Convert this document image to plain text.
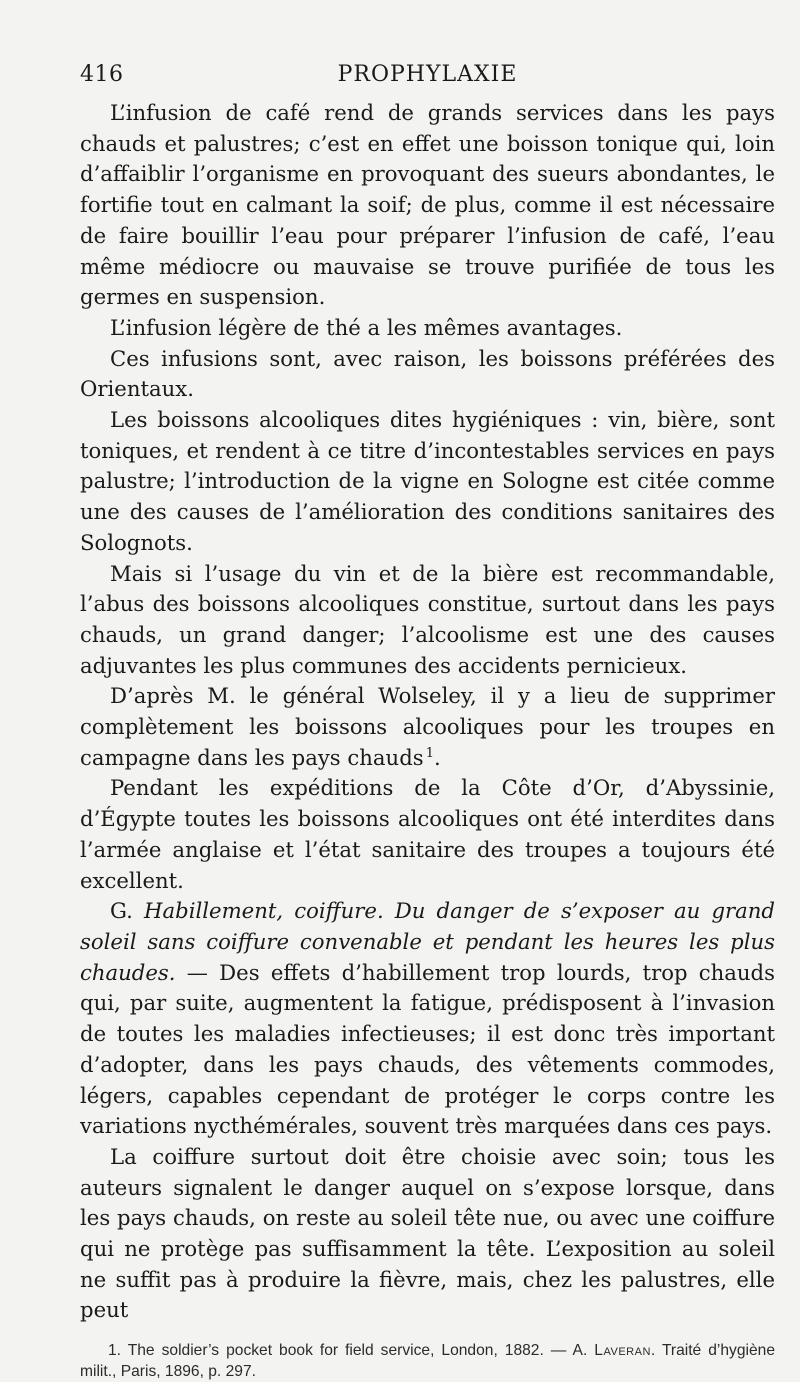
416	PROPHYLAXIE

L’infusion de café rend de grands services dans les pays chauds et palustres; c’est en effet une boisson tonique qui, loin d’affaiblir l’organisme en provoquant des sueurs abondantes, le fortifie tout en calmant la soif; de plus, comme il est nécessaire de faire bouillir l’eau pour préparer l’infusion de café, l’eau même médiocre ou mauvaise se trouve purifiée de tous les germes en suspension.

L’infusion légère de thé a les mêmes avantages.

Ces infusions sont, avec raison, les boissons préférées des Orientaux.

Les boissons alcooliques dites hygiéniques : vin, bière, sont toniques, et rendent à ce titre d’incontestables services en pays palustre; l’introduction de la vigne en Sologne est citée comme une des causes de l’amélioration des conditions sanitaires des Solognots.

Mais si l’usage du vin et de la bière est recommandable, l’abus des boissons alcooliques constitue, surtout dans les pays chauds, un grand danger; l’alcoolisme est une des causes adjuvantes les plus communes des accidents pernicieux.

D’après M. le général Wolseley, il y a lieu de supprimer complètement les boissons alcooliques pour les troupes en campagne dans les pays chauds  $^1$.

Pendant les expéditions de la Côte d’Or, d’Abyssinie, d’Égypte toutes les boissons alcooliques ont été interdites dans l’armée anglaise et l’état sanitaire des troupes a toujours été excellent.

G. Habillement, coiffure. Du danger de s’exposer au grand soleil sans coiffure convenable et pendant les heures les plus chaudes. — Des effets d’habillement trop lourds, trop chauds qui, par suite, augmentent la fatigue, prédisposent à l’invasion de toutes les maladies infectieuses; il est donc très important d’adopter, dans les pays chauds, des vêtements commodes, légers, capables cependant de protéger le corps contre les variations nycthémérales, souvent très marquées dans ces pays.

La coiffure surtout doit être choisie avec soin; tous les auteurs signalent le danger auquel on s’expose lorsque, dans les pays chauds, on reste au soleil tête nue, ou avec une coiffure qui ne protège pas suffisamment la tête. L’exposition au soleil ne suffit pas à produire la fièvre, mais, chez les palustres, elle peut

1. The soldier’s pocket book for field service, London, 1882. — A. Laveran. Traité d’hygiène milit., Paris, 1896, p. 297.
